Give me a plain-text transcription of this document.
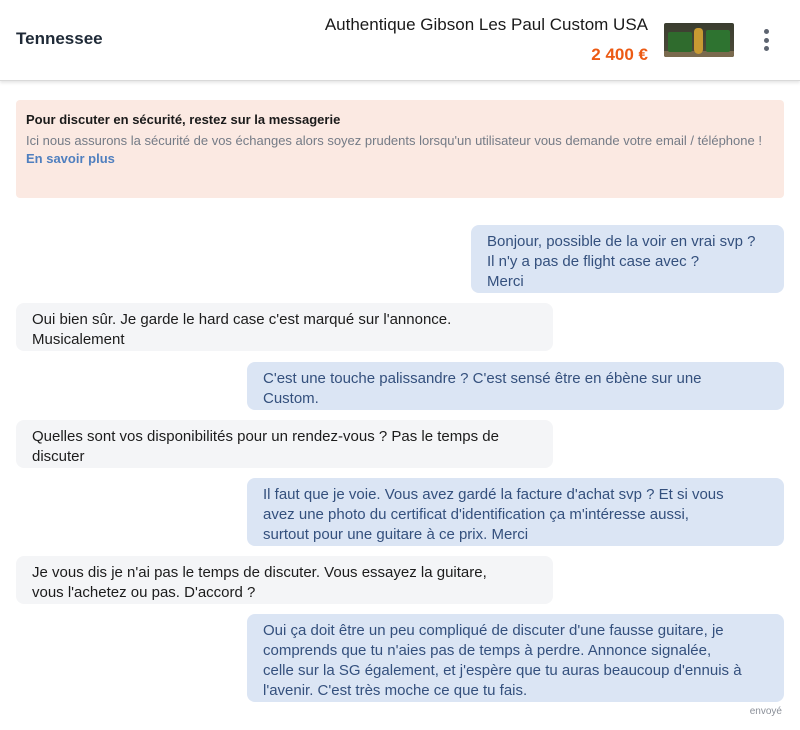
Tennessee
Authentique Gibson Les Paul Custom USA
2 400 €
Pour discuter en sécurité, restez sur la messagerie
Ici nous assurons la sécurité de vos échanges alors soyez prudents lorsqu'un utilisateur vous demande votre email / téléphone !
En savoir plus
Bonjour, possible de la voir en vrai svp ?
Il n'y a pas de flight case avec ?
Merci
Oui bien sûr. Je garde le hard case c'est marqué sur l'annonce.
Musicalement
C'est une touche palissandre ? C'est sensé être en ébène sur une
Custom.
Quelles sont vos disponibilités pour un rendez-vous ? Pas le temps de
discuter
Il faut que je voie. Vous avez gardé la facture d'achat svp ? Et si vous
avez une photo du certificat d'identification ça m'intéresse aussi,
surtout pour une guitare à ce prix. Merci
Je vous dis je n'ai pas le temps de discuter. Vous essayez la guitare,
vous l'achetez ou pas. D'accord ?
Oui ça doit être un peu compliqué de discuter d'une fausse guitare, je
comprends que tu n'aies pas de temps à perdre. Annonce signalée,
celle sur la SG également, et j'espère que tu auras beaucoup d'ennuis à
l'avenir. C'est très moche ce que tu fais.
envoyé
